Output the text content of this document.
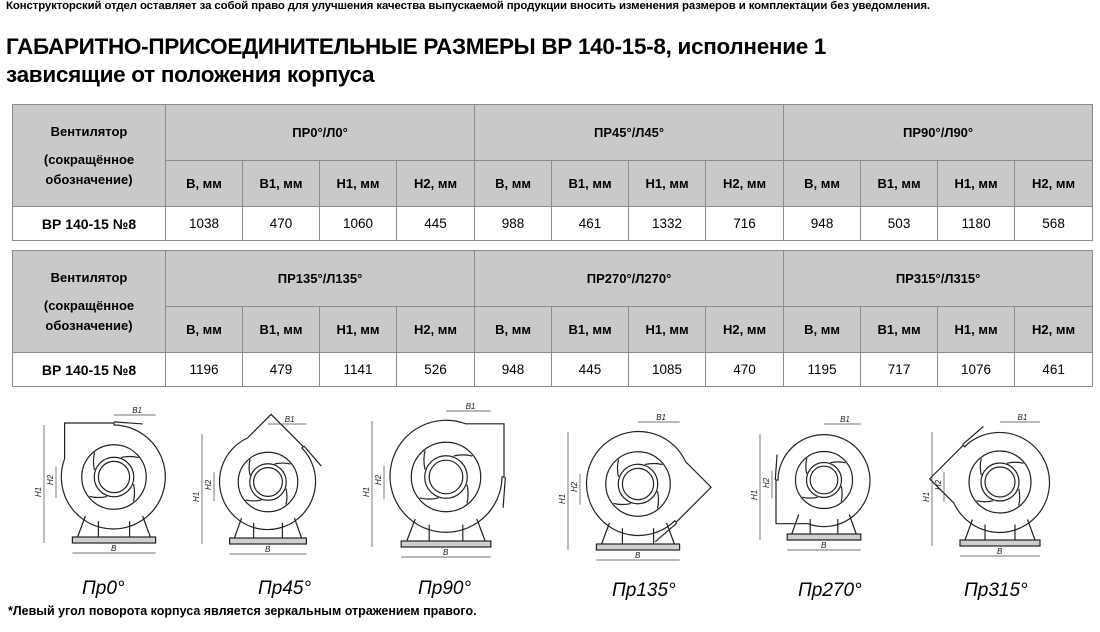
Конструкторский отдел оставляет за собой право для улучшения качества выпускаемой продукции вносить изменения размеров и комплектации без уведомления.
ГАБАРИТНО-ПРИСОЕДИНИТЕЛЬНЫЕ РАЗМЕРЫ ВР 140-15-8, исполнение 1
зависящие от положения корпуса
Вентилятор
(сокращённое
обозначение)	ПР0°/Л0°				ПР45°/Л45°				ПР90°/Л90°			
	В, мм	В1, мм	Н1, мм	Н2, мм	В, мм	В1, мм	Н1, мм	Н2, мм	В, мм	В1, мм	Н1, мм	Н2, мм
ВР 140-15 №8	1038	470	1060	445	988	461	1332	716	948	503	1180	568
Вентилятор
(сокращённое
обозначение)	ПР135°/Л135°				ПР270°/Л270°				ПР315°/Л315°			
	В, мм	В1, мм	Н1, мм	Н2, мм	В, мм	В1, мм	Н1, мм	Н2, мм	В, мм	В1, мм	Н1, мм	Н2, мм
ВР 140-15 №8	1196	479	1141	526	948	445	1085	470	1195	717	1076	461
Н1
Н2
В
В1
Н1
Н2
В
В1
Н1
Н2
В
В1
Н1
Н2
В
В1
Н1
Н2
В
В1
Н1
Н2
В
В1
Пр0°	Пр45°	Пр90°	Пр135°	Пр270°	Пр315°
*Левый угол поворота корпуса является зеркальным отражением правого.
